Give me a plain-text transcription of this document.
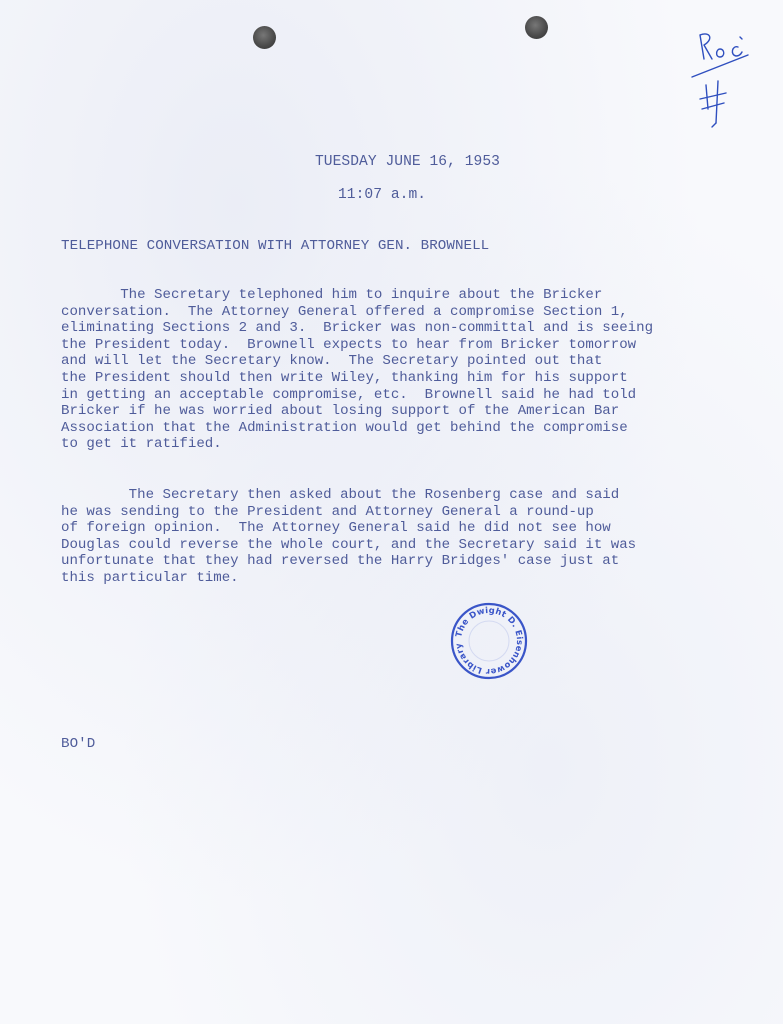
TUESDAY JUNE 16, 1953
11:07 a.m.
TELEPHONE CONVERSATION WITH ATTORNEY GEN. BROWNELL
The Secretary telephoned him to inquire about the Bricker
conversation.  The Attorney General offered a compromise Section 1,
eliminating Sections 2 and 3.  Bricker was non-committal and is seeing
the President today.  Brownell expects to hear from Bricker tomorrow
and will let the Secretary know.  The Secretary pointed out that
the President should then write Wiley, thanking him for his support
in getting an acceptable compromise, etc.  Brownell said he had told
Bricker if he was worried about losing support of the American Bar
Association that the Administration would get behind the compromise
to get it ratified.
The Secretary then asked about the Rosenberg case and said
he was sending to the President and Attorney General a round-up
of foreign opinion.  The Attorney General said he did not see how
Douglas could reverse the whole court, and the Secretary said it was
unfortunate that they had reversed the Harry Bridges' case just at
this particular time.
The Dwight D. Eisenhower Library
BO'D
